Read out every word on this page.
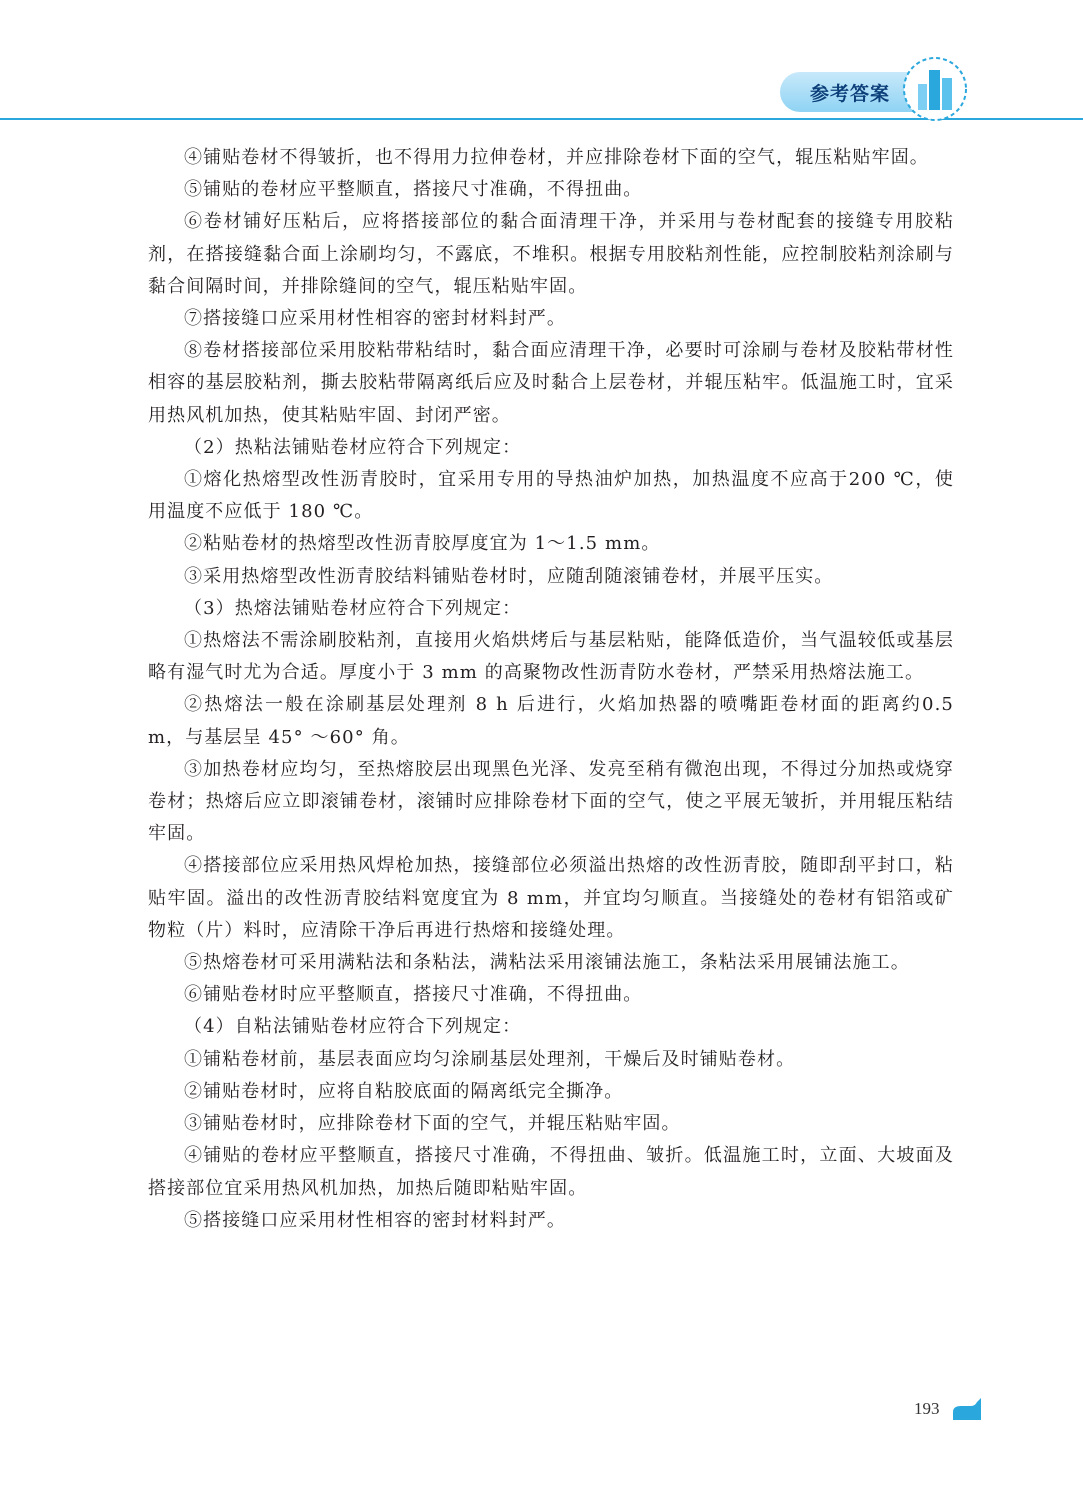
参考答案

④铺贴卷材不得皱折，也不得用力拉伸卷材，并应排除卷材下面的空气，辊压粘贴牢固。

⑤铺贴的卷材应平整顺直，搭接尺寸准确，不得扭曲。

⑥卷材铺好压粘后，应将搭接部位的黏合面清理干净，并采用与卷材配套的接缝专用胶粘剂，在搭接缝黏合面上涂刷均匀，不露底，不堆积。根据专用胶粘剂性能，应控制胶粘剂涂刷与黏合间隔时间，并排除缝间的空气，辊压粘贴牢固。

⑦搭接缝口应采用材性相容的密封材料封严。

⑧卷材搭接部位采用胶粘带粘结时，黏合面应清理干净，必要时可涂刷与卷材及胶粘带材性相容的基层胶粘剂，撕去胶粘带隔离纸后应及时黏合上层卷材，并辊压粘牢。低温施工时，宜采用热风机加热，使其粘贴牢固、封闭严密。

（2）热粘法铺贴卷材应符合下列规定：

①熔化热熔型改性沥青胶时，宜采用专用的导热油炉加热，加热温度不应高于200 ℃，使用温度不应低于 180 ℃。

②粘贴卷材的热熔型改性沥青胶厚度宜为 1～1.5 mm。

③采用热熔型改性沥青胶结料铺贴卷材时，应随刮随滚铺卷材，并展平压实。

（3）热熔法铺贴卷材应符合下列规定：

①热熔法不需涂刷胶粘剂，直接用火焰烘烤后与基层粘贴，能降低造价，当气温较低或基层略有湿气时尤为合适。厚度小于 3 mm 的高聚物改性沥青防水卷材，严禁采用热熔法施工。

②热熔法一般在涂刷基层处理剂 8 h 后进行，火焰加热器的喷嘴距卷材面的距离约0.5 m，与基层呈 45° ～60° 角。

③加热卷材应均匀，至热熔胶层出现黑色光泽、发亮至稍有微泡出现，不得过分加热或烧穿卷材；热熔后应立即滚铺卷材，滚铺时应排除卷材下面的空气，使之平展无皱折，并用辊压粘结牢固。

④搭接部位应采用热风焊枪加热，接缝部位必须溢出热熔的改性沥青胶，随即刮平封口，粘贴牢固。溢出的改性沥青胶结料宽度宜为 8 mm，并宜均匀顺直。当接缝处的卷材有铝箔或矿物粒（片）料时，应清除干净后再进行热熔和接缝处理。

⑤热熔卷材可采用满粘法和条粘法，满粘法采用滚铺法施工，条粘法采用展铺法施工。

⑥铺贴卷材时应平整顺直，搭接尺寸准确，不得扭曲。

（4）自粘法铺贴卷材应符合下列规定：

①铺粘卷材前，基层表面应均匀涂刷基层处理剂，干燥后及时铺贴卷材。

②铺贴卷材时，应将自粘胶底面的隔离纸完全撕净。

③铺贴卷材时，应排除卷材下面的空气，并辊压粘贴牢固。

④铺贴的卷材应平整顺直，搭接尺寸准确，不得扭曲、皱折。低温施工时，立面、大坡面及搭接部位宜采用热风机加热，加热后随即粘贴牢固。

⑤搭接缝口应采用材性相容的密封材料封严。

193
